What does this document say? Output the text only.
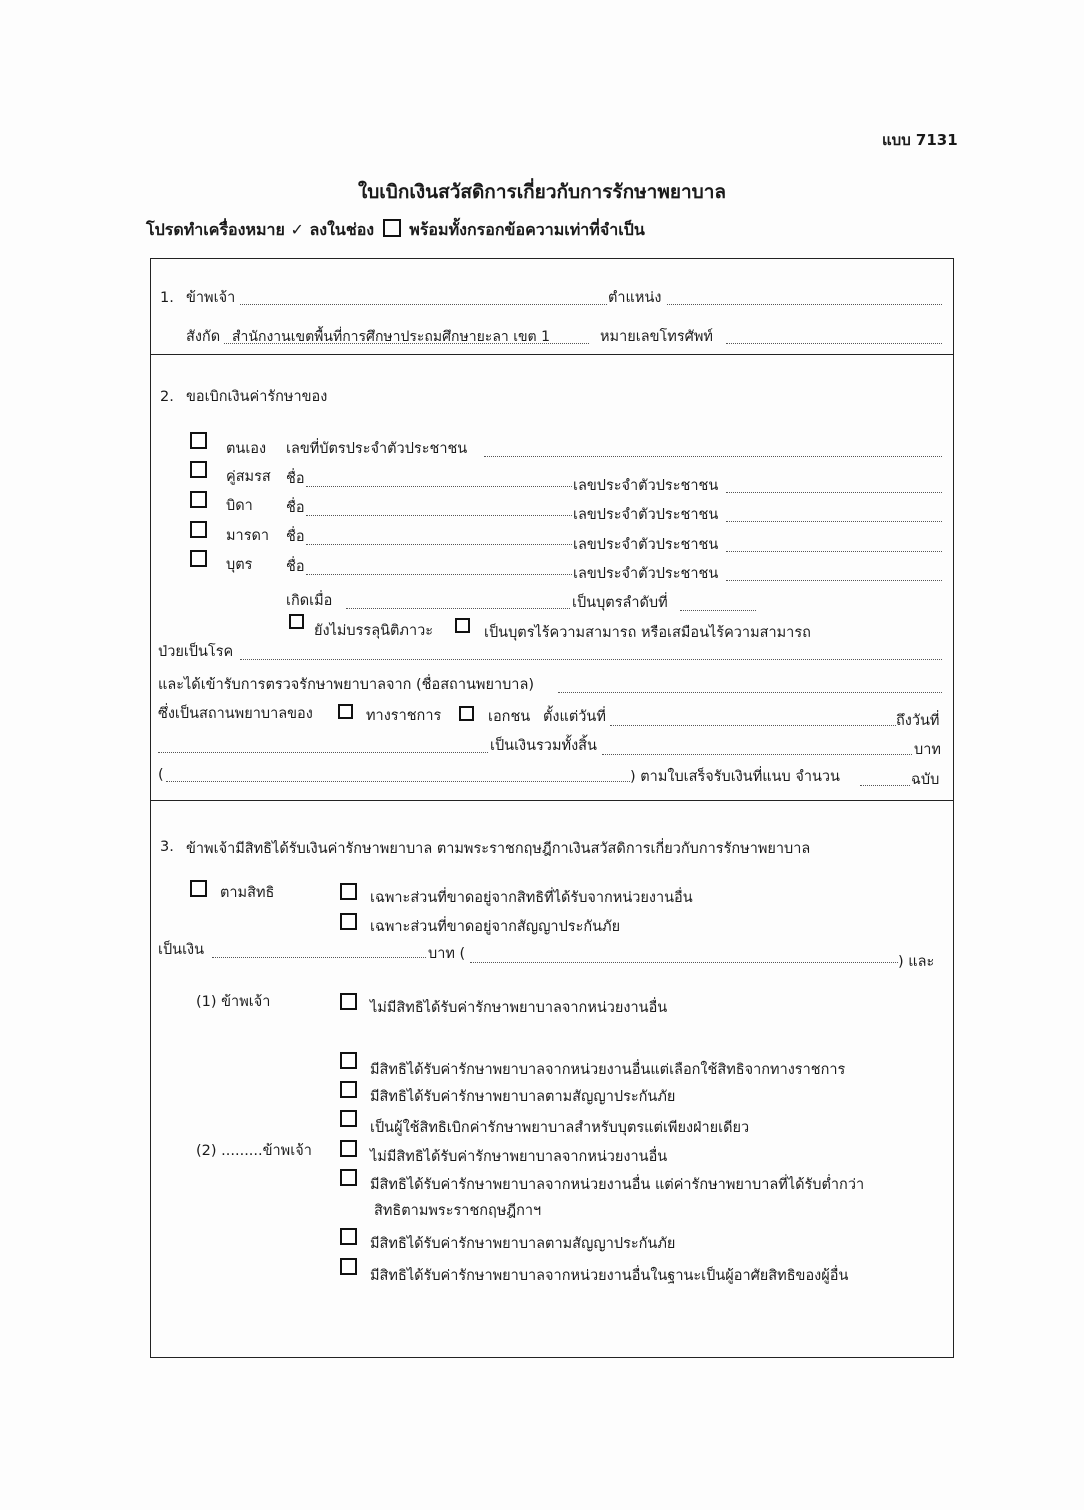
แบบ 7131
ใบเบิกเงินสวัสดิการเกี่ยวกับการรักษาพยาบาล
โปรดทำเครื่องหมาย ✓ ลงในช่อง พร้อมทั้งกรอกข้อความเท่าที่จำเป็น
1. ข้าพเจ้า	ตำแหน่ง
สังกัด สำนักงานเขตพื้นที่การศึกษาประถมศึกษายะลา เขต 1	หมายเลขโทรศัพท์
2. ขอเบิกเงินค่ารักษาของ
ตนเอง เลขที่บัตรประจำตัวประชาชน
คู่สมรส ชื่อ	เลขประจำตัวประชาชน
บิดา ชื่อ	เลขประจำตัวประชาชน
มารดา ชื่อ	เลขประจำตัวประชาชน
บุตร ชื่อ	เลขประจำตัวประชาชน
เกิดเมื่อ	เป็นบุตรลำดับที่
ยังไม่บรรลุนิติภาวะ	เป็นบุตรไร้ความสามารถ หรือเสมือนไร้ความสามารถ
ป่วยเป็นโรค
และได้เข้ารับการตรวจรักษาพยาบาลจาก (ชื่อสถานพยาบาล)
ซึ่งเป็นสถานพยาบาลของ	ทางราชการ	เอกชน ตั้งแต่วันที่	ถึงวันที่
เป็นเงินรวมทั้งสิ้น	บาท
(	) ตามใบเสร็จรับเงินที่แนบ จำนวน	ฉบับ
3. ข้าพเจ้ามีสิทธิได้รับเงินค่ารักษาพยาบาล ตามพระราชกฤษฎีกาเงินสวัสดิการเกี่ยวกับการรักษาพยาบาล
ตามสิทธิ	เฉพาะส่วนที่ขาดอยู่จากสิทธิที่ได้รับจากหน่วยงานอื่น
เฉพาะส่วนที่ขาดอยู่จากสัญญาประกันภัย
เป็นเงิน	บาท (	) และ
(1) ข้าพเจ้า	ไม่มีสิทธิได้รับค่ารักษาพยาบาลจากหน่วยงานอื่น
(2) .........ข้าพเจ้า
มีสิทธิได้รับค่ารักษาพยาบาลจากหน่วยงานอื่นแต่เลือกใช้สิทธิจากทางราชการ
มีสิทธิได้รับค่ารักษาพยาบาลตามสัญญาประกันภัย
เป็นผู้ใช้สิทธิเบิกค่ารักษาพยาบาลสำหรับบุตรแต่เพียงฝ่ายเดียว
ไม่มีสิทธิได้รับค่ารักษาพยาบาลจากหน่วยงานอื่น
มีสิทธิได้รับค่ารักษาพยาบาลจากหน่วยงานอื่น แต่ค่ารักษาพยาบาลที่ได้รับต่ำกว่า
สิทธิตามพระราชกฤษฎีกาฯ
มีสิทธิได้รับค่ารักษาพยาบาลตามสัญญาประกันภัย
มีสิทธิได้รับค่ารักษาพยาบาลจากหน่วยงานอื่นในฐานะเป็นผู้อาศัยสิทธิของผู้อื่น
